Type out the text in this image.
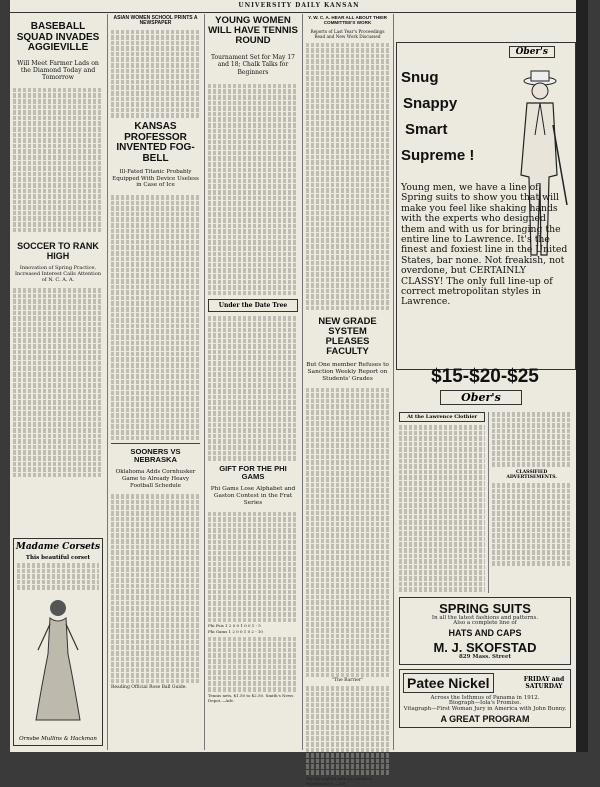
UNIVERSITY DAILY KANSAN
BASEBALL SQUAD INVADES AGGIEVILLE
Will Meet Farmer Lads on the Diamond Today and Tomorrow
SOCCER TO RANK HIGH
Innovation of Spring Practice, Increased Interest Calls Attention of N. C. A. A.
Madame Corsets
This beautiful corset
Ornsbe Mullins & Hackman
ASIAN WOMEN SCHOOL PRINTS A NEWSPAPER
KANSAS PROFESSOR INVENTED FOG-BELL
Ill-Fated Titanic Probably Equipped With Device Useless in Case of Ice
SOONERS VS NEBRASKA
Oklahoma Adds Cornhusker Game to Already Heavy Football Schedule
Reading Official Rose Ball Guide.
YOUNG WOMEN WILL HAVE TENNIS ROUND
Tournament Set for May 17 and 18; Chalk Talks for Beginners
Under the Date Tree
GIFT FOR THE PHI GAMS
Phi Gams Lose Alphabet and Gaston Contest in the Frat Series
Phi Psis 1 2 0 0 1 0 0 1 - 5
Phi Gams 1 2 0 0 1 0 2 - 10
Tennis nets, $1.50 to $2.50. Smith's News Depot.—Adv.
Y. W. C. A. HEAR ALL ABOUT THEIR COMMITTEE'S WORK
Reports of Last Year's Proceedings Read and New Work Discussed
NEW GRADE SYSTEM PLEASES FACULTY
But One member Refuses to Sanction Weekly Report on Students' Grades
"The Barrier"
Try the malted milk ice cream at Wiedemann's.—Adv.
Ober's
Snug
Snappy
Smart
Supreme !
Young men, we have a line of Spring suits to show you that will make you feel like shaking hands with the experts who designed them and with us for bringing the entire line to Lawrence. It's the finest and foxiest line in the United States, bar none. Not freakish, not overdone, but CERTAINLY CLASSY! The only full line-up of correct metropolitan styles in Lawrence.
$15-$20-$25
Ober's
At the Lawrence Clothier
CLASSIFIED ADVERTISEMENTS.
SPRING SUITS
In all the latest fashions and patterns.
Also a complete line of
HATS AND CAPS
M. J. SKOFSTAD
829 Mass. Street
Patee Nickel	FRIDAY and SATURDAY
Across the Isthmus of Panama in 1912.
Biograph—Iola's Promise.
Vitagraph—First Woman Jury in America with John Bunny.
A GREAT PROGRAM
